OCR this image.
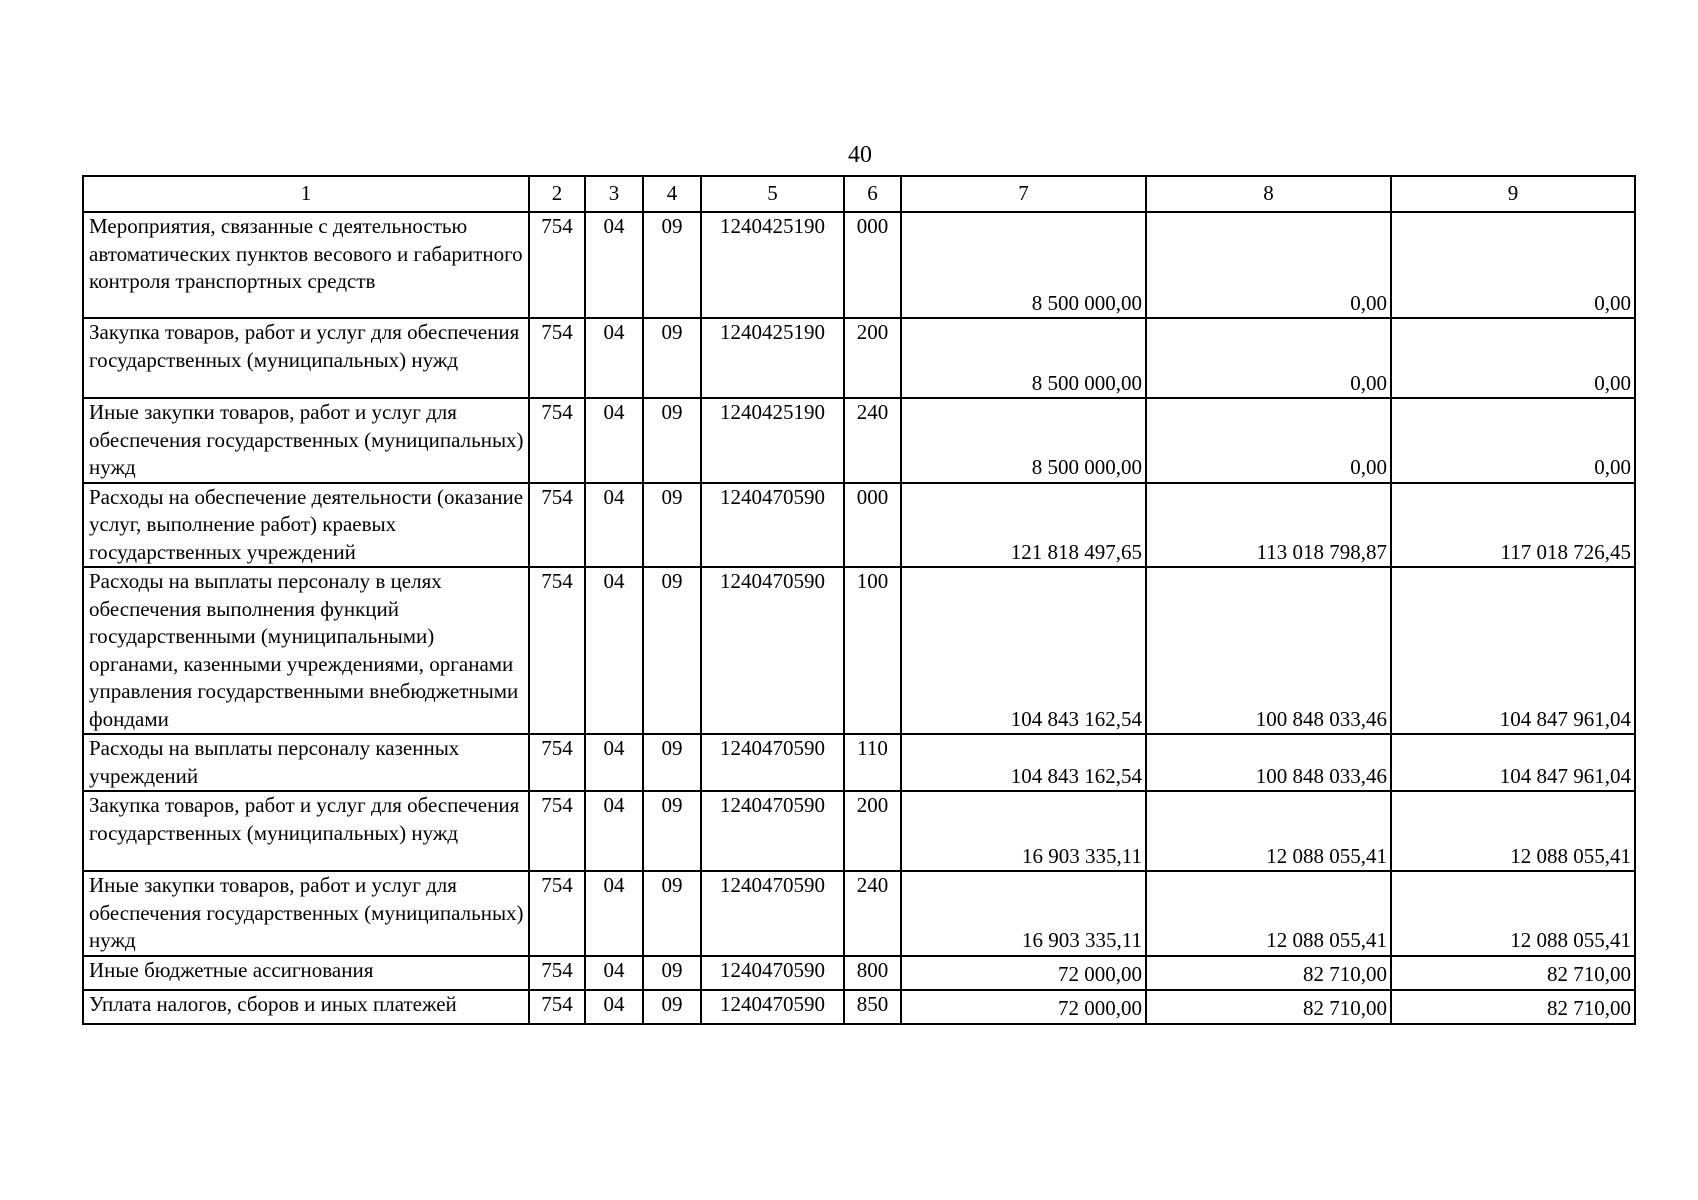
40
1	2	3	4	5	6	7	8	9
Мероприятия, связанные с деятельностью автоматических пунктов весового и габаритного контроля транспортных средств	754	04	09	1240425190	000	8 500 000,00	0,00	0,00
Закупка товаров, работ и услуг для обеспечения государственных (муниципальных) нужд	754	04	09	1240425190	200	8 500 000,00	0,00	0,00
Иные закупки товаров, работ и услуг для обеспечения государственных (муниципальных) нужд	754	04	09	1240425190	240	8 500 000,00	0,00	0,00
Расходы на обеспечение деятельности (оказание услуг, выполнение работ) краевых государственных учреждений	754	04	09	1240470590	000	121 818 497,65	113 018 798,87	117 018 726,45
Расходы на выплаты персоналу в целях обеспечения выполнения функций государственными (муниципальными) органами, казенными учреждениями, органами управления государственными внебюджетными фондами	754	04	09	1240470590	100	104 843 162,54	100 848 033,46	104 847 961,04
Расходы на выплаты персоналу казенных учреждений	754	04	09	1240470590	110	104 843 162,54	100 848 033,46	104 847 961,04
Закупка товаров, работ и услуг для обеспечения государственных (муниципальных) нужд	754	04	09	1240470590	200	16 903 335,11	12 088 055,41	12 088 055,41
Иные закупки товаров, работ и услуг для обеспечения государственных (муниципальных) нужд	754	04	09	1240470590	240	16 903 335,11	12 088 055,41	12 088 055,41
Иные бюджетные ассигнования	754	04	09	1240470590	800	72 000,00	82 710,00	82 710,00
Уплата налогов, сборов и иных платежей	754	04	09	1240470590	850	72 000,00	82 710,00	82 710,00
